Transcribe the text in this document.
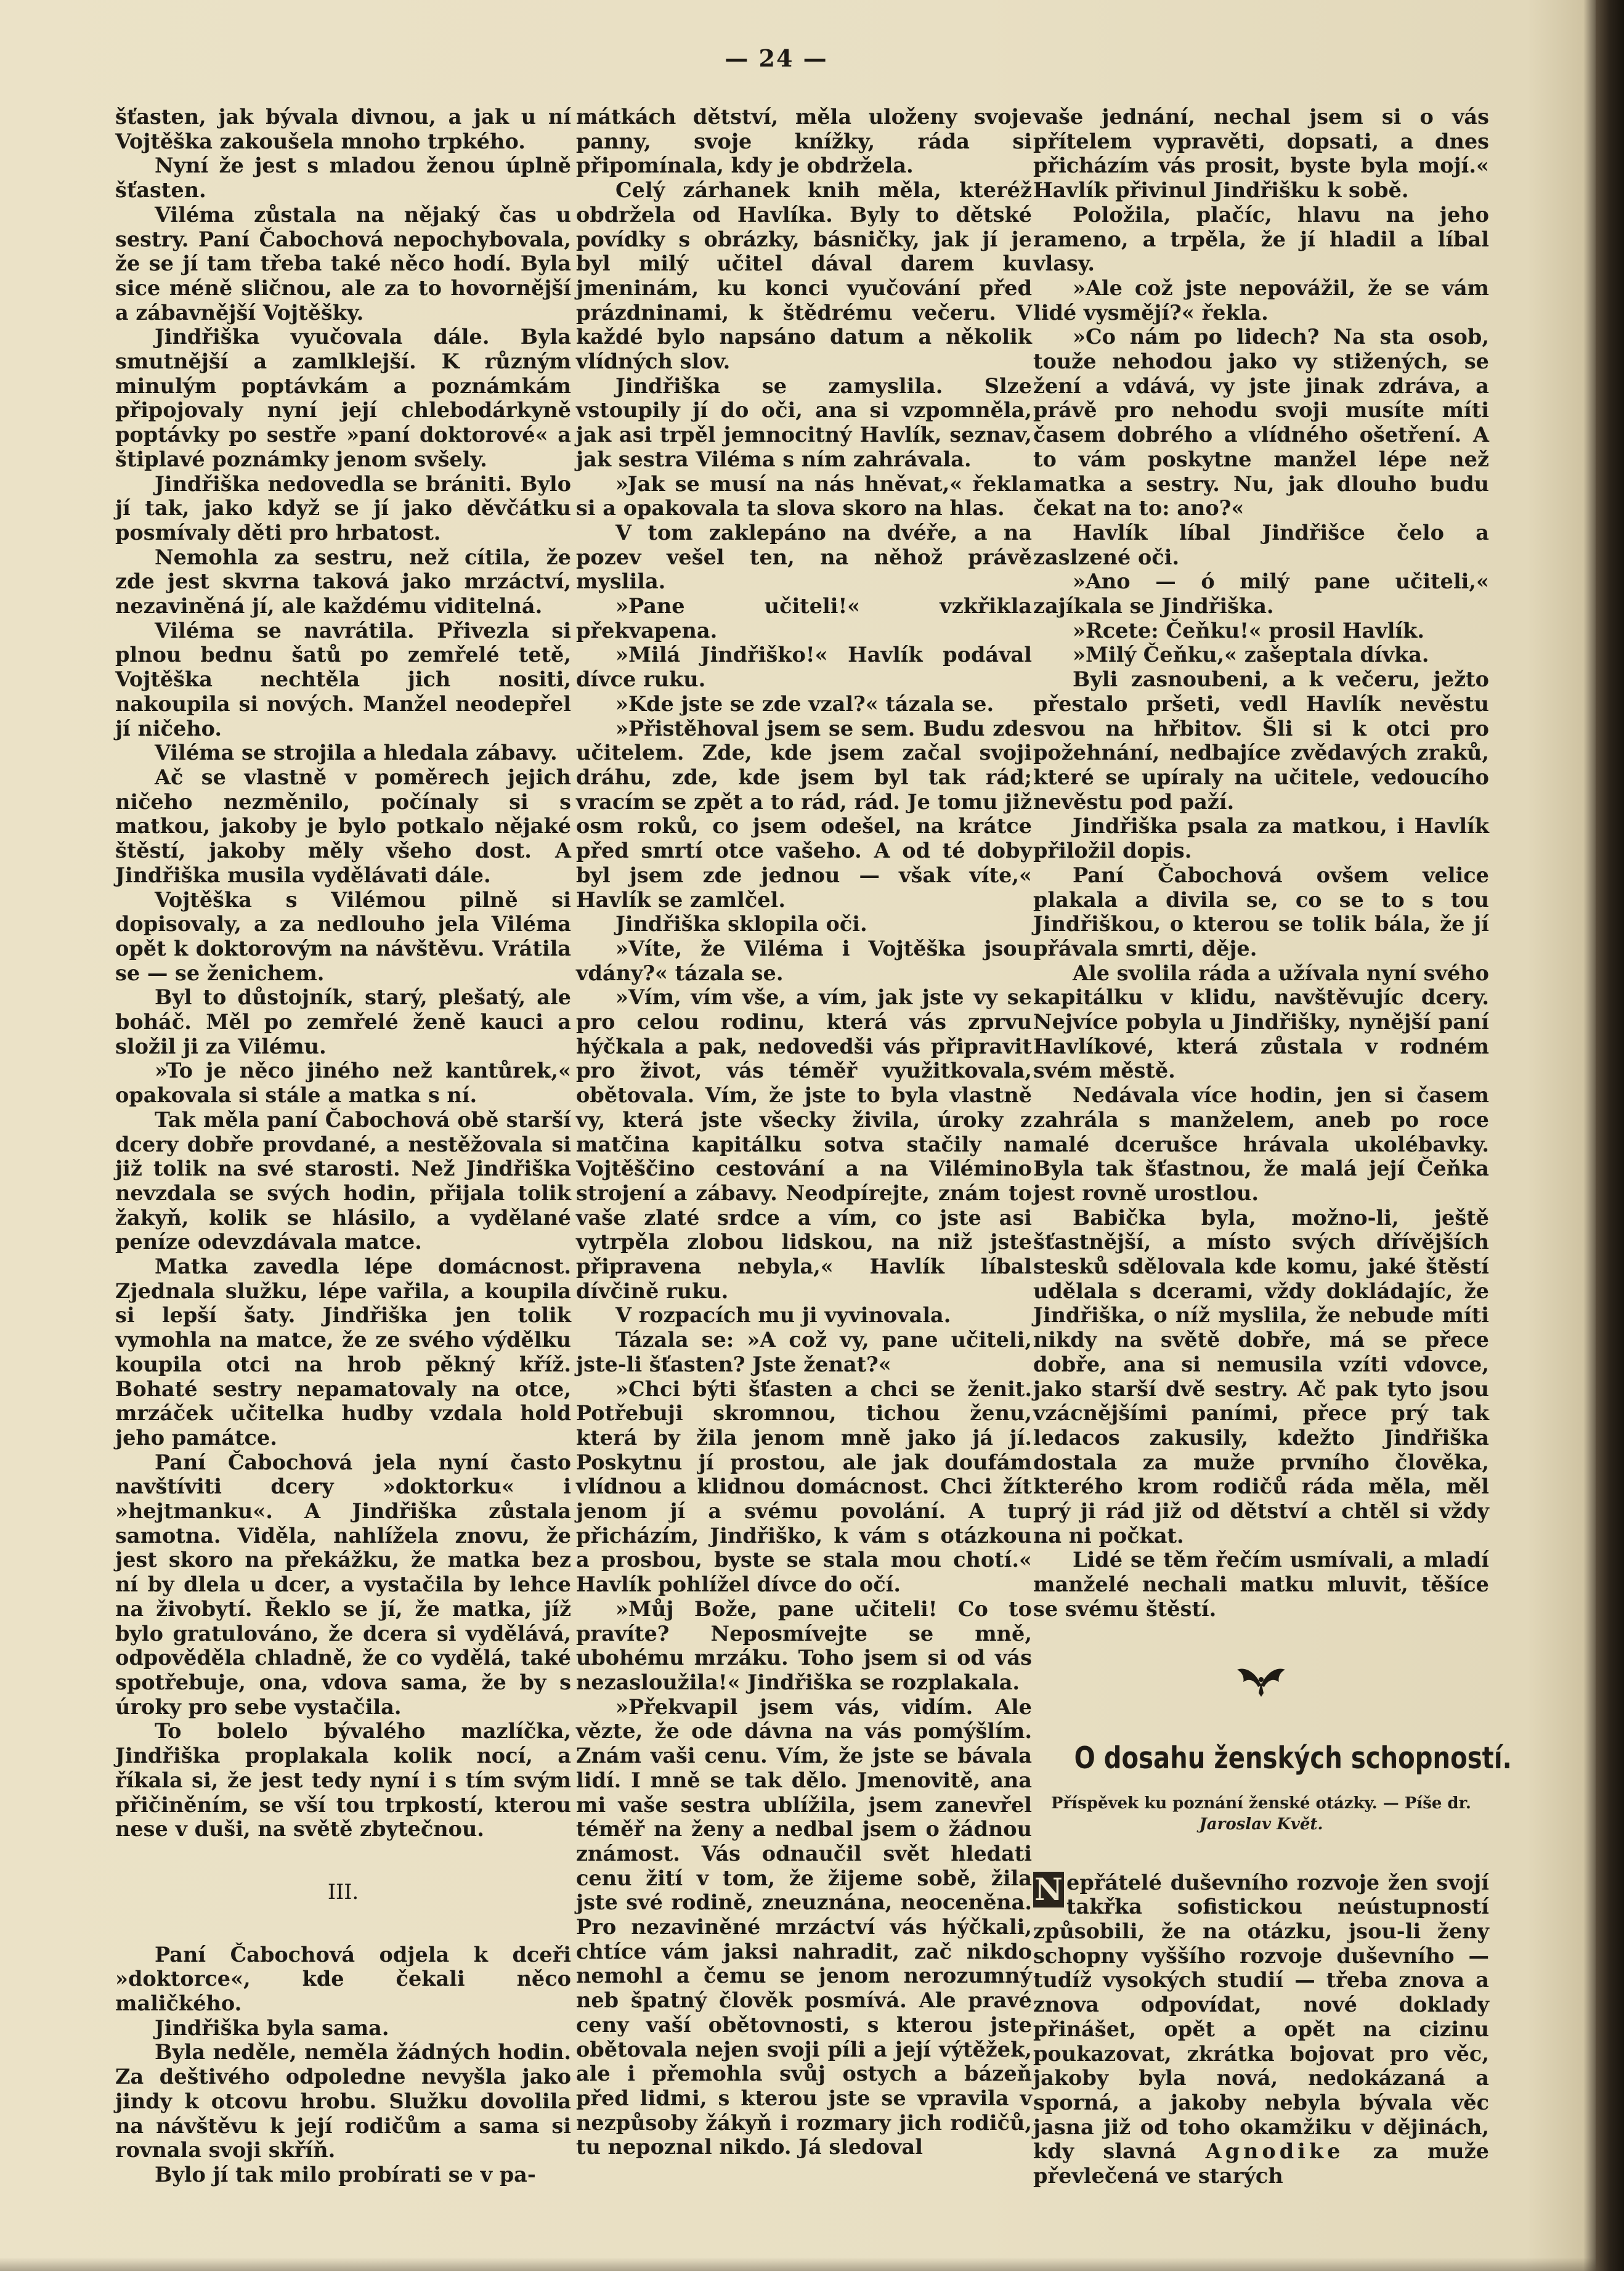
— 24 —

šťasten, jak bývala divnou, a jak u ní Vojtěška zakoušela mnoho trpkého.

Nyní že jest s mladou ženou úplně šťasten.

Viléma zůstala na nějaký čas u sestry. Paní Čabochová nepochybovala, že se jí tam třeba také něco hodí. Byla sice méně sličnou, ale za to hovornější a zábavnější Vojtěšky.

Jindřiška vyučovala dále. Byla smutnější a zamlklejší. K různým minulým poptávkám a poznámkám připojovaly nyní její chlebodárkyně poptávky po sestře »paní doktorové« a štiplavé poznámky jenom svšely.

Jindřiška nedovedla se brániti. Bylo jí tak, jako když se jí jako děvčátku posmívaly děti pro hrbatost.

Nemohla za sestru, než cítila, že zde jest skvrna taková jako mrzáctví, nezaviněná jí, ale každému viditelná.

Viléma se navrátila. Přivezla si plnou bednu šatů po zemřelé tetě, Vojtěška nechtěla jich nositi, nakoupila si nových. Manžel neodepřel jí ničeho.

Viléma se strojila a hledala zábavy.

Ač se vlastně v poměrech jejich ničeho nezměnilo, počínaly si s matkou, jakoby je bylo potkalo nějaké štěstí, jakoby měly všeho dost. A Jindřiška musila vydělávati dále.

Vojtěška s Vilémou pilně si dopisovaly, a za nedlouho jela Viléma opět k doktorovým na návštěvu. Vrátila se — se ženichem.

Byl to důstojník, starý, plešatý, ale boháč. Měl po zemřelé ženě kauci a složil ji za Vilému.

»To je něco jiného než kantůrek,« opakovala si stále a matka s ní.

Tak měla paní Čabochová obě starší dcery dobře provdané, a nestěžovala si již tolik na své starosti. Než Jindřiška nevzdala se svých hodin, přijala tolik žakyň, kolik se hlásilo, a vydělané peníze odevzdávala matce.

Matka zavedla lépe domácnost. Zjednala služku, lépe vařila, a koupila si lepší šaty. Jindřiška jen tolik vymohla na matce, že ze svého výdělku koupila otci na hrob pěkný kříž. Bohaté sestry nepamatovaly na otce, mrzáček učitelka hudby vzdala hold jeho památce.

Paní Čabochová jela nyní často navštíviti dcery »doktorku« i »hejtmanku«. A Jindřiška zůstala samotna. Viděla, nahlížela znovu, že jest skoro na překážku, že matka bez ní by dlela u dcer, a vystačila by lehce na živobytí. Řeklo se jí, že matka, jíž bylo gratulováno, že dcera si vydělává, odpověděla chladně, že co vydělá, také spotřebuje, ona, vdova sama, že by s úroky pro sebe vystačila.

To bolelo bývalého mazlíčka, Jindřiška proplakala kolik nocí, a říkala si, že jest tedy nyní i s tím svým přičiněním, se vší tou trpkostí, kterou nese v duši, na světě zbytečnou.

III.

Paní Čabochová odjela k dceři »doktorce«, kde čekali něco maličkého.

Jindřiška byla sama.

Byla neděle, neměla žádných hodin. Za deštivého odpoledne nevyšla jako jindy k otcovu hrobu. Služku dovolila na návštěvu k její rodičům a sama si rovnala svoji skříň.

Bylo jí tak milo probírati se v pa-

mátkách dětství, měla uloženy svoje panny, svoje knížky, ráda si připomínala, kdy je obdržela.

Celý zárhanek knih měla, kteréž obdržela od Havlíka. Byly to dětské povídky s obrázky, básničky, jak jí je byl milý učitel dával darem ku jmeninám, ku konci vyučování před prázdninami, k štědrému večeru. V každé bylo napsáno datum a několik vlídných slov.

Jindřiška se zamyslila. Slze vstoupily jí do oči, ana si vzpomněla, jak asi trpěl jemnocitný Havlík, seznav, jak sestra Viléma s ním zahrávala.

»Jak se musí na nás hněvat,« řekla si a opakovala ta slova skoro na hlas.

V tom zaklepáno na dvéře, a na pozev vešel ten, na něhož právě myslila.

»Pane učiteli!« vzkřikla překvapena.

»Milá Jindřiško!« Havlík podával dívce ruku.

»Kde jste se zde vzal?« tázala se.

»Přistěhoval jsem se sem. Budu zde učitelem. Zde, kde jsem začal svoji dráhu, zde, kde jsem byl tak rád; vracím se zpět a to rád, rád. Je tomu již osm roků, co jsem odešel, na krátce před smrtí otce vašeho. A od té doby byl jsem zde jednou — však víte,« Havlík se zamlčel.

Jindřiška sklopila oči.

»Víte, že Viléma i Vojtěška jsou vdány?« tázala se.

»Vím, vím vše, a vím, jak jste vy se pro celou rodinu, která vás zprvu hýčkala a pak, nedovedši vás připravit pro život, vás téměř využitkovala, obětovala. Vím, že jste to byla vlastně vy, která jste všecky živila, úroky z matčina kapitálku sotva stačily na Vojtěščino cestování a na Vilémino strojení a zábavy. Neodpírejte, znám to vaše zlaté srdce a vím, co jste asi vytrpěla zlobou lidskou, na niž jste připravena nebyla,« Havlík líbal dívčině ruku.

V rozpacích mu ji vyvinovala.

Tázala se: »A což vy, pane učiteli, jste-li šťasten? Jste ženat?«

»Chci býti šťasten a chci se ženit. Potřebuji skromnou, tichou ženu, která by žila jenom mně jako já jí. Poskytnu jí prostou, ale jak doufám vlídnou a klidnou domácnost. Chci žít jenom jí a svému povolání. A tu přicházím, Jindřiško, k vám s otázkou a prosbou, byste se stala mou chotí.« Havlík pohlížel dívce do očí.

»Můj Bože, pane učiteli! Co to pravíte? Neposmívejte se mně, ubohému mrzáku. Toho jsem si od vás nezasloužila!« Jindřiška se rozplakala.

»Překvapil jsem vás, vidím. Ale vězte, že ode dávna na vás pomýšlím. Znám vaši cenu. Vím, že jste se bávala lidí. I mně se tak dělo. Jmenovitě, ana mi vaše sestra ublížila, jsem zanevřel téměř na ženy a nedbal jsem o žádnou známost. Vás odnaučil svět hledati cenu žití v tom, že žijeme sobě, žila jste své rodině, zneuznána, neoceněna. Pro nezaviněné mrzáctví vás hýčkali, chtíce vám jaksi nahradit, zač nikdo nemohl a čemu se jenom nerozumný neb špatný člověk posmívá. Ale pravé ceny vaší obětovnosti, s kterou jste obětovala nejen svoji píli a její výtěžek, ale i přemohla svůj ostych a bázeň před lidmi, s kterou jste se vpravila v nezpůsoby žákyň i rozmary jich rodičů, tu nepoznal nikdo. Já sledoval

vaše jednání, nechal jsem si o vás přítelem vypravěti, dopsati, a dnes přicházím vás prosit, byste byla mojí.« Havlík přivinul Jindřišku k sobě.

Položila, plačíc, hlavu na jeho rameno, a trpěla, že jí hladil a líbal vlasy.

»Ale což jste nepovážil, že se vám lidé vysmějí?« řekla.

»Co nám po lidech? Na sta osob, touže nehodou jako vy stižených, se žení a vdává, vy jste jinak zdráva, a právě pro nehodu svoji musíte míti časem dobrého a vlídného ošetření. A to vám poskytne manžel lépe než matka a sestry. Nu, jak dlouho budu čekat na to: ano?«

Havlík líbal Jindřišce čelo a zaslzené oči.

»Ano — ó milý pane učiteli,« zajíkala se Jindřiška.

»Rcete: Čeňku!« prosil Havlík.

»Milý Čeňku,« zašeptala dívka.

Byli zasnoubeni, a k večeru, ježto přestalo pršeti, vedl Havlík nevěstu svou na hřbitov. Šli si k otci pro požehnání, nedbajíce zvědavých zraků, které se upíraly na učitele, vedoucího nevěstu pod paží.

Jindřiška psala za matkou, i Havlík přiložil dopis.

Paní Čabochová ovšem velice plakala a divila se, co se to s tou Jindřiškou, o kterou se tolik bála, že jí přávala smrti, děje.

Ale svolila ráda a užívala nyní svého kapitálku v klidu, navštěvujíc dcery. Nejvíce pobyla u Jindřišky, nynější paní Havlíkové, která zůstala v rodném svém městě.

Nedávala více hodin, jen si časem zahrála s manželem, aneb po roce malé dcerušce hrávala ukolébavky. Byla tak šťastnou, že malá její Čeňka jest rovně urostlou.

Babička byla, možno-li, ještě šťastnější, a místo svých dřívějších stesků sdělovala kde komu, jaké štěstí udělala s dcerami, vždy dokládajíc, že Jindřiška, o níž myslila, že nebude míti nikdy na světě dobře, má se přece dobře, ana si nemusila vzíti vdovce, jako starší dvě sestry. Ač pak tyto jsou vzácnějšími paními, přece prý tak ledacos zakusily, kdežto Jindřiška dostala za muže prvního člověka, kterého krom rodičů ráda měla, měl prý ji rád již od dětství a chtěl si vždy na ni počkat.

Lidé se těm řečím usmívali, a mladí manželé nechali matku mluvit, těšíce se svému štěstí.

O dosahu ženských schopností.
Příspěvek ku poznání ženské otázky. — Píše dr. Jaroslav Květ.

N epřátelé duševního rozvoje žen svojí takřka sofistickou neústupností způsobili, že na otázku, jsou-li ženy schopny vyššího rozvoje duševního — tudíž vysokých studií — třeba znova a znova odpovídat, nové doklady přinášet, opět a opět na cizinu poukazovat, zkrátka bojovat pro věc, jakoby byla nová, nedokázaná a sporná, a jakoby nebyla bývala věc jasna již od toho okamžiku v dějinách, kdy slavná Agnodike za muže převlečená ve starých
